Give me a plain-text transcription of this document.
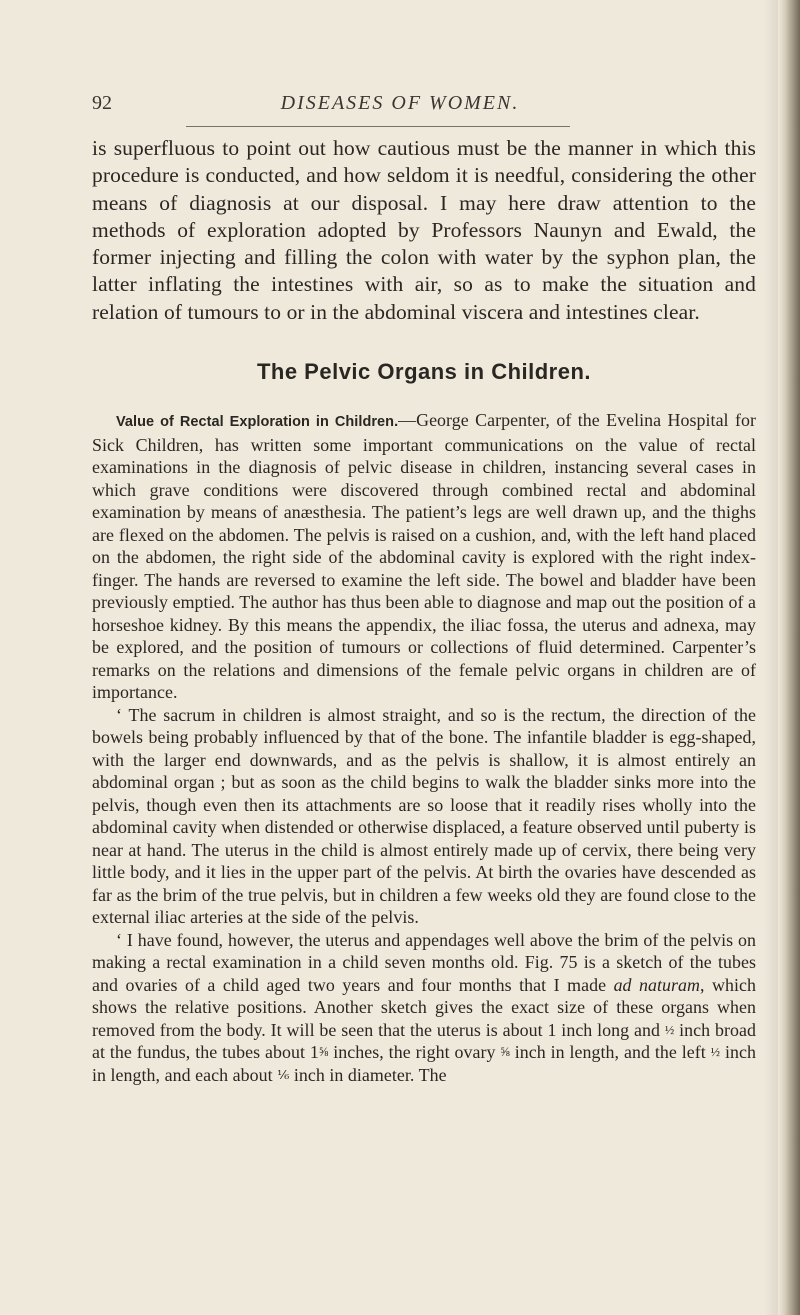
92	DISEASES OF WOMEN.

is superfluous to point out how cautious must be the manner in which this procedure is conducted, and how seldom it is needful, considering the other means of diagnosis at our disposal. I may here draw attention to the methods of exploration adopted by Professors Naunyn and Ewald, the former injecting and filling the colon with water by the syphon plan, the latter inflating the intestines with air, so as to make the situation and relation of tumours to or in the abdominal viscera and intestines clear.

The Pelvic Organs in Children.

Value of Rectal Exploration in Children.—George Carpenter, of the Evelina Hospital for Sick Children, has written some important communications on the value of rectal examinations in the diagnosis of pelvic disease in children, instancing several cases in which grave conditions were discovered through combined rectal and abdominal examination by means of anæsthesia. The patient’s legs are well drawn up, and the thighs are flexed on the abdomen. The pelvis is raised on a cushion, and, with the left hand placed on the abdomen, the right side of the abdominal cavity is explored with the right index-finger. The hands are reversed to examine the left side. The bowel and bladder have been previously emptied. The author has thus been able to diagnose and map out the position of a horseshoe kidney. By this means the appendix, the iliac fossa, the uterus and adnexa, may be explored, and the position of tumours or collections of fluid determined. Carpenter’s remarks on the relations and dimensions of the female pelvic organs in children are of importance.

‘ The sacrum in children is almost straight, and so is the rectum, the direction of the bowels being probably influenced by that of the bone. The infantile bladder is egg-shaped, with the larger end downwards, and as the pelvis is shallow, it is almost entirely an abdominal organ ; but as soon as the child begins to walk the bladder sinks more into the pelvis, though even then its attachments are so loose that it readily rises wholly into the abdominal cavity when distended or otherwise displaced, a feature observed until puberty is near at hand. The uterus in the child is almost entirely made up of cervix, there being very little body, and it lies in the upper part of the pelvis. At birth the ovaries have descended as far as the brim of the true pelvis, but in children a few weeks old they are found close to the external iliac arteries at the side of the pelvis.

‘ I have found, however, the uterus and appendages well above the brim of the pelvis on making a rectal examination in a child seven months old. Fig. 75 is a sketch of the tubes and ovaries of a child aged two years and four months that I made ad naturam, which shows the relative positions. Another sketch gives the exact size of these organs when removed from the body. It will be seen that the uterus is about 1 inch long and ½ inch broad at the fundus, the tubes about 1⅝ inches, the right ovary ⅝ inch in length, and the left ½ inch in length, and each about ⅙ inch in diameter. The
